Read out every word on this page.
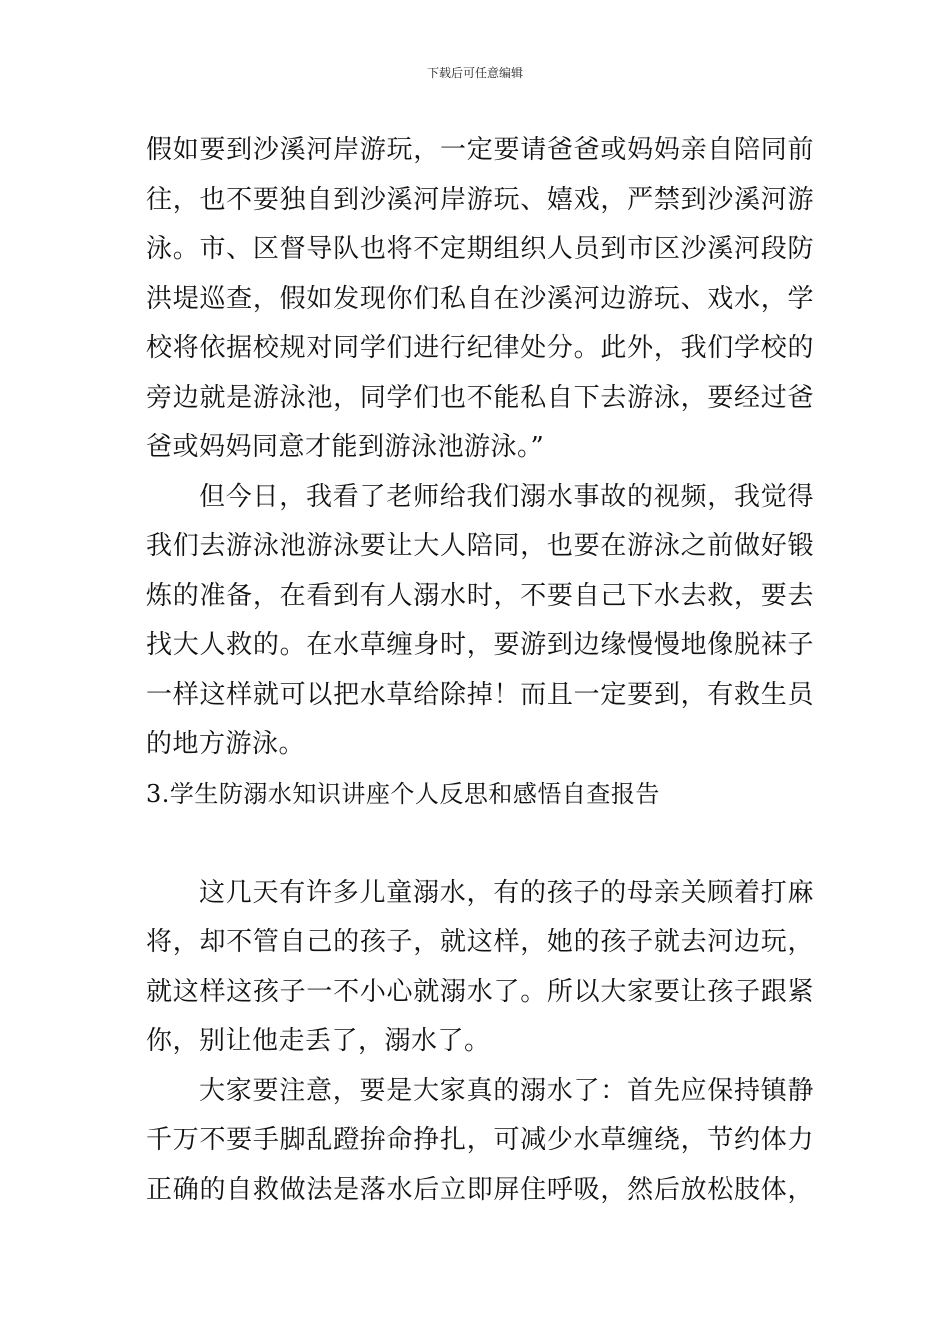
下载后可任意编辑
假如要到沙溪河岸游玩，一定要请爸爸或妈妈亲自陪同前
往，也不要独自到沙溪河岸游玩、嬉戏，严禁到沙溪河游
泳。市、区督导队也将不定期组织人员到市区沙溪河段防
洪堤巡查，假如发现你们私自在沙溪河边游玩、戏水，学
校将依据校规对同学们进行纪律处分。此外，我们学校的
旁边就是游泳池，同学们也不能私自下去游泳，要经过爸
爸或妈妈同意才能到游泳池游泳。”
但今日，我看了老师给我们溺水事故的视频，我觉得
我们去游泳池游泳要让大人陪同，也要在游泳之前做好锻
炼的准备，在看到有人溺水时，不要自己下水去救，要去
找大人救的。在水草缠身时，要游到边缘慢慢地像脱袜子
一样这样就可以把水草给除掉！而且一定要到，有救生员
的地方游泳。
3.学生防溺水知识讲座个人反思和感悟自查报告
这几天有许多儿童溺水，有的孩子的母亲关顾着打麻
将，却不管自己的孩子，就这样，她的孩子就去河边玩，
就这样这孩子一不小心就溺水了。所以大家要让孩子跟紧
你，别让他走丢了，溺水了。
大家要注意，要是大家真的溺水了：首先应保持镇静
千万不要手脚乱蹬拚命挣扎，可减少水草缠绕，节约体力
正确的自救做法是落水后立即屏住呼吸，然后放松肢体，
